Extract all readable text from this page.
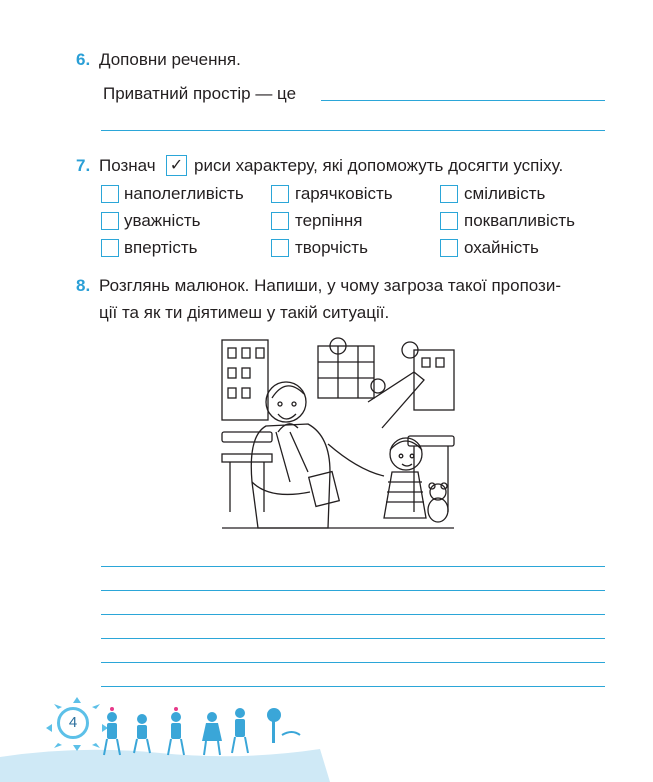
6. Доповни речення.
Приватний простір — це
7. Познач ✓ риси характеру, які допоможуть досягти успіху.
наполегливість	гарячковість	сміливість
уважність	терпіння	поквапливість
впертість	творчість	охайність
8. Розглянь малюнок. Напиши, у чому загроза такої пропози-
ції та як ти діятимеш у такій ситуації.
4
